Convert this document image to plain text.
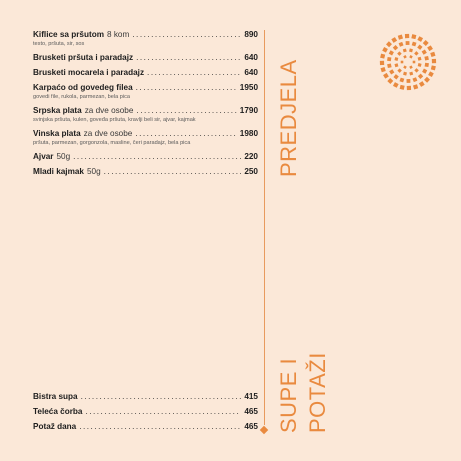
Kiflice sa pršutom 8 kom .....	890
testo, pršuta, sir, sos
Brusketi pršuta i paradajz .....	640
Brusketi mocarela i paradajz .....	640
Karpaćo od govedeg filea .....	1950
govedi file, rukola, parmezan, bela pica
Srpska plata za dve osobe .....	1790
svinjska pršuta, kulen, goveđa pršuta, kravlji beli sir, ajvar, kajmak
Vinska plata za dve osobe .....	1980
pršuta, parmezan, gorgonzola, masline, čeri paradajz, bela pica
Ajvar 50g .....	220
Mladi kajmak 50g .....	250
Bistra supa .....	415
Teleća čorba .....	465
Potaž dana .....	465
PREDJELA
SUPE I POTAŽI
